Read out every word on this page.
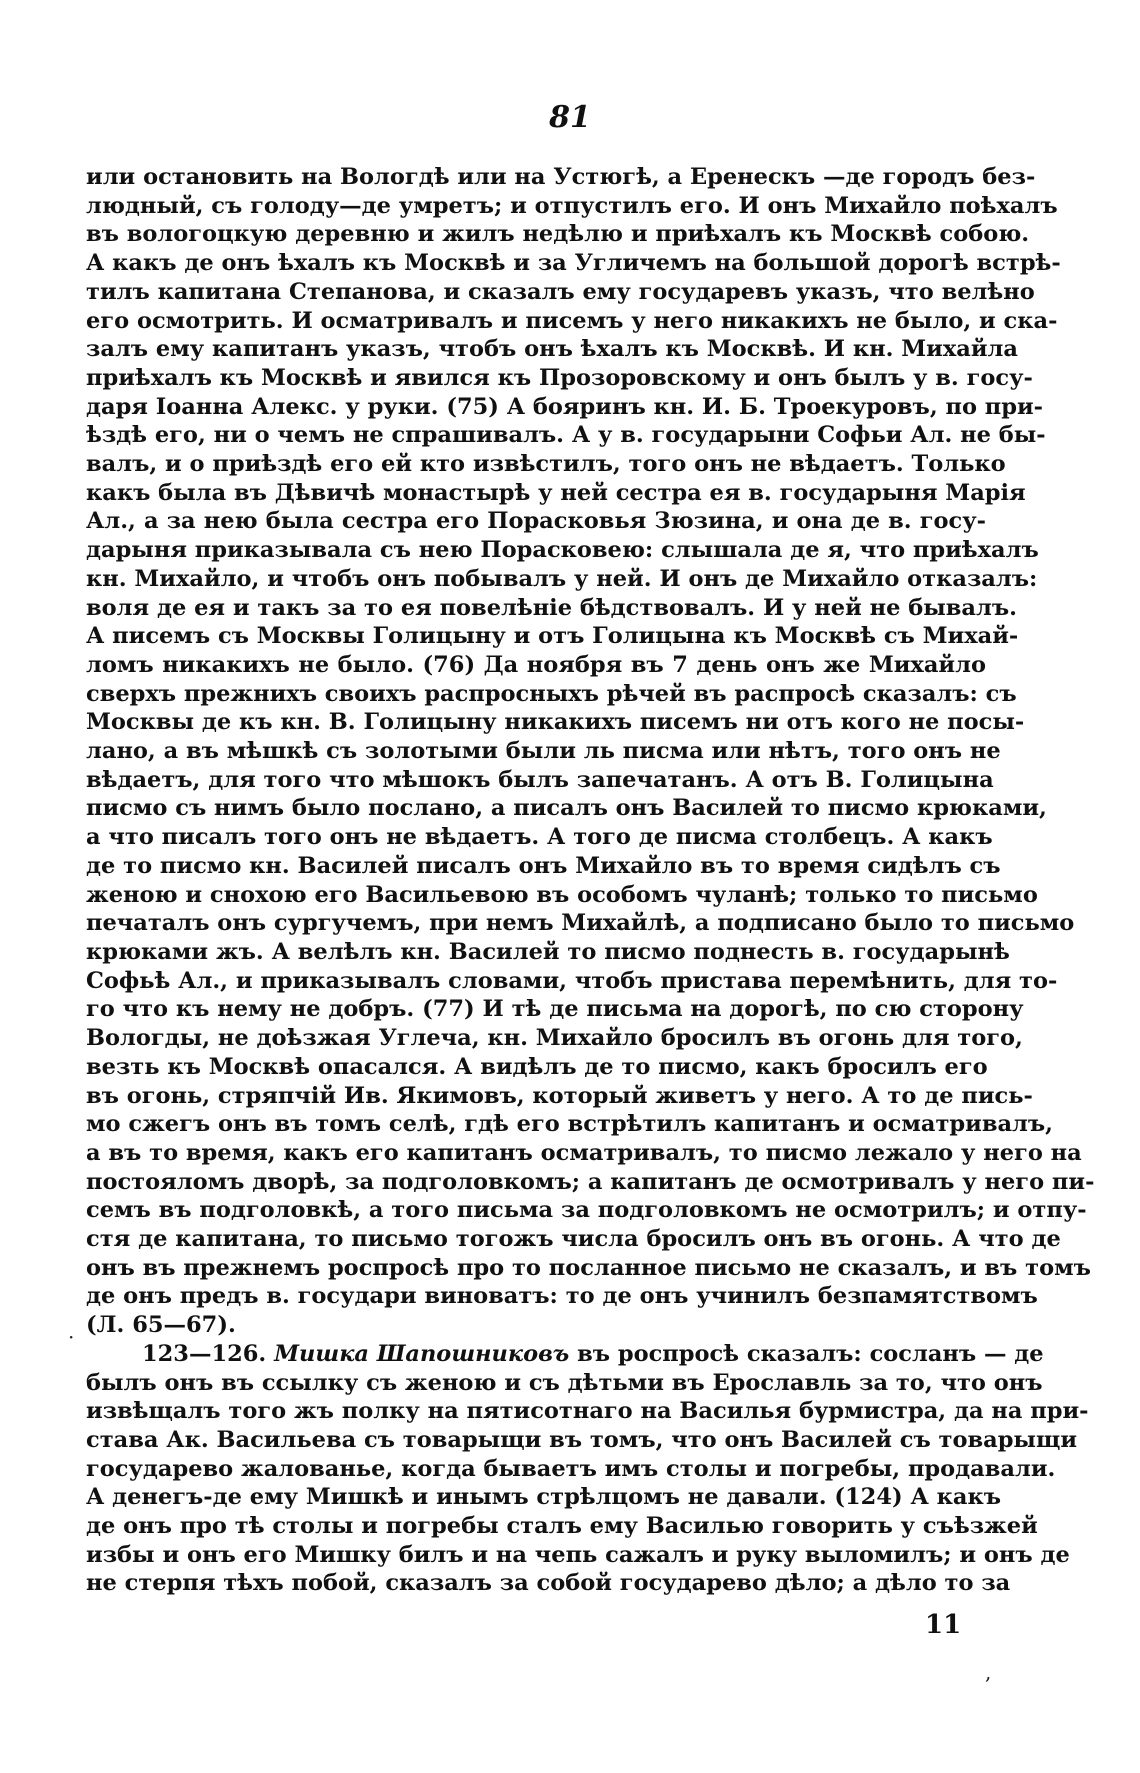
81
или остановить на Вологдѣ или на Устюгѣ, а Еренескъ —де городъ без-
людный, съ голоду—де умретъ; и отпустилъ его. И онъ Михайло поѣхалъ
въ вологоцкую деревню и жилъ недѣлю и приѣхалъ къ Москвѣ собою.
А какъ де онъ ѣхалъ къ Москвѣ и за Угличемъ на большой дорогѣ встрѣ-
тилъ капитана Степанова, и сказалъ ему государевъ указъ, что велѣно
его осмотрить. И осматривалъ и писемъ у него никакихъ не было, и ска-
залъ ему капитанъ указъ, чтобъ онъ ѣхалъ къ Москвѣ. И кн. Михайла
приѣхалъ къ Москвѣ и явился къ Прозоровскому и онъ былъ у в. госу-
даря Іоанна Алекс. у руки. (75) А бояринъ кн. И. Б. Троекуровъ, по при-
ѣздѣ его, ни о чемъ не спрашивалъ. А у в. государыни Софьи Ал. не бы-
валъ, и о приѣздѣ его ей кто извѣстилъ, того онъ не вѣдаетъ. Только
какъ была въ Дѣвичѣ монастырѣ у ней сестра ея в. государыня Марія
Ал., а за нею была сестра его Порасковья Зюзина, и она де в. госу-
дарыня приказывала съ нею Порасковею: слышала де я, что приѣхалъ
кн. Михайло, и чтобъ онъ побывалъ у ней. И онъ де Михайло отказалъ:
воля де ея и такъ за то ея повелѣніе бѣдствовалъ. И у ней не бывалъ.
А писемъ съ Москвы Голицыну и отъ Голицына къ Москвѣ съ Михай-
ломъ никакихъ не было. (76) Да ноября въ 7 день онъ же Михайло
сверхъ прежнихъ своихъ распросныхъ рѣчей въ распросѣ сказалъ: съ
Москвы де къ кн. В. Голицыну никакихъ писемъ ни отъ кого не посы-
лано, а въ мѣшкѣ съ золотыми были ль писма или нѣтъ, того онъ не
вѣдаетъ, для того что мѣшокъ былъ запечатанъ. А отъ В. Голицына
писмо съ нимъ было послано, а писалъ онъ Василей то писмо крюками,
а что писалъ того онъ не вѣдаетъ. А того де писма столбецъ. А какъ
де то писмо кн. Василей писалъ онъ Михайло въ то время сидѣлъ съ
женою и снохою его Васильевою въ особомъ чуланѣ; только то письмо
печаталъ онъ сургучемъ, при немъ Михайлѣ, а подписано было то письмо
крюками жъ. А велѣлъ кн. Василей то писмо поднесть в. государынѣ
Софьѣ Ал., и приказывалъ словами, чтобъ пристава перемѣнить, для то-
го что къ нему не добръ. (77) И тѣ де письма на дорогѣ, по сю сторону
Вологды, не доѣзжая Углеча, кн. Михайло бросилъ въ огонь для того,
везть къ Москвѣ опасался. А видѣлъ де то писмо, какъ бросилъ его
въ огонь, стряпчій Ив. Якимовъ, который живетъ у него. А то де пись-
мо сжегъ онъ въ томъ селѣ, гдѣ его встрѣтилъ капитанъ и осматривалъ,
а въ то время, какъ его капитанъ осматривалъ, то писмо лежало у него на
постояломъ дворѣ, за подголовкомъ; а капитанъ де осмотривалъ у него пи-
семъ въ подголовкѣ, а того письма за подголовкомъ не осмотрилъ; и отпу-
стя де капитана, то письмо тогожъ числа бросилъ онъ въ огонь. А что де
онъ въ прежнемъ роспросѣ про то посланное письмо не сказалъ, и въ томъ
де онъ предъ в. государи виноватъ: то де онъ учинилъ безпамятствомъ
(Л. 65—67).
123—126. Мишка Шапошниковъ въ роспросѣ сказалъ: сосланъ — де
былъ онъ въ ссылку съ женою и съ дѣтьми въ Ерославль за то, что онъ
извѣщалъ того жъ полку на пятисотнаго на Василья бурмистра, да на при-
става Ак. Васильева съ товарыщи въ томъ, что онъ Василей съ товарыщи
государево жалованье, когда бываетъ имъ столы и погребы, продавали.
А денегъ-де ему Мишкѣ и инымъ стрѣлцомъ не давали. (124) А какъ
де онъ про тѣ столы и погребы сталъ ему Василью говорить у съѣзжей
избы и онъ его Мишку билъ и на чепь сажалъ и руку выломилъ; и онъ де
не стерпя тѣхъ побой, сказалъ за собой государево дѣло; а дѣло то за
11
·
,
